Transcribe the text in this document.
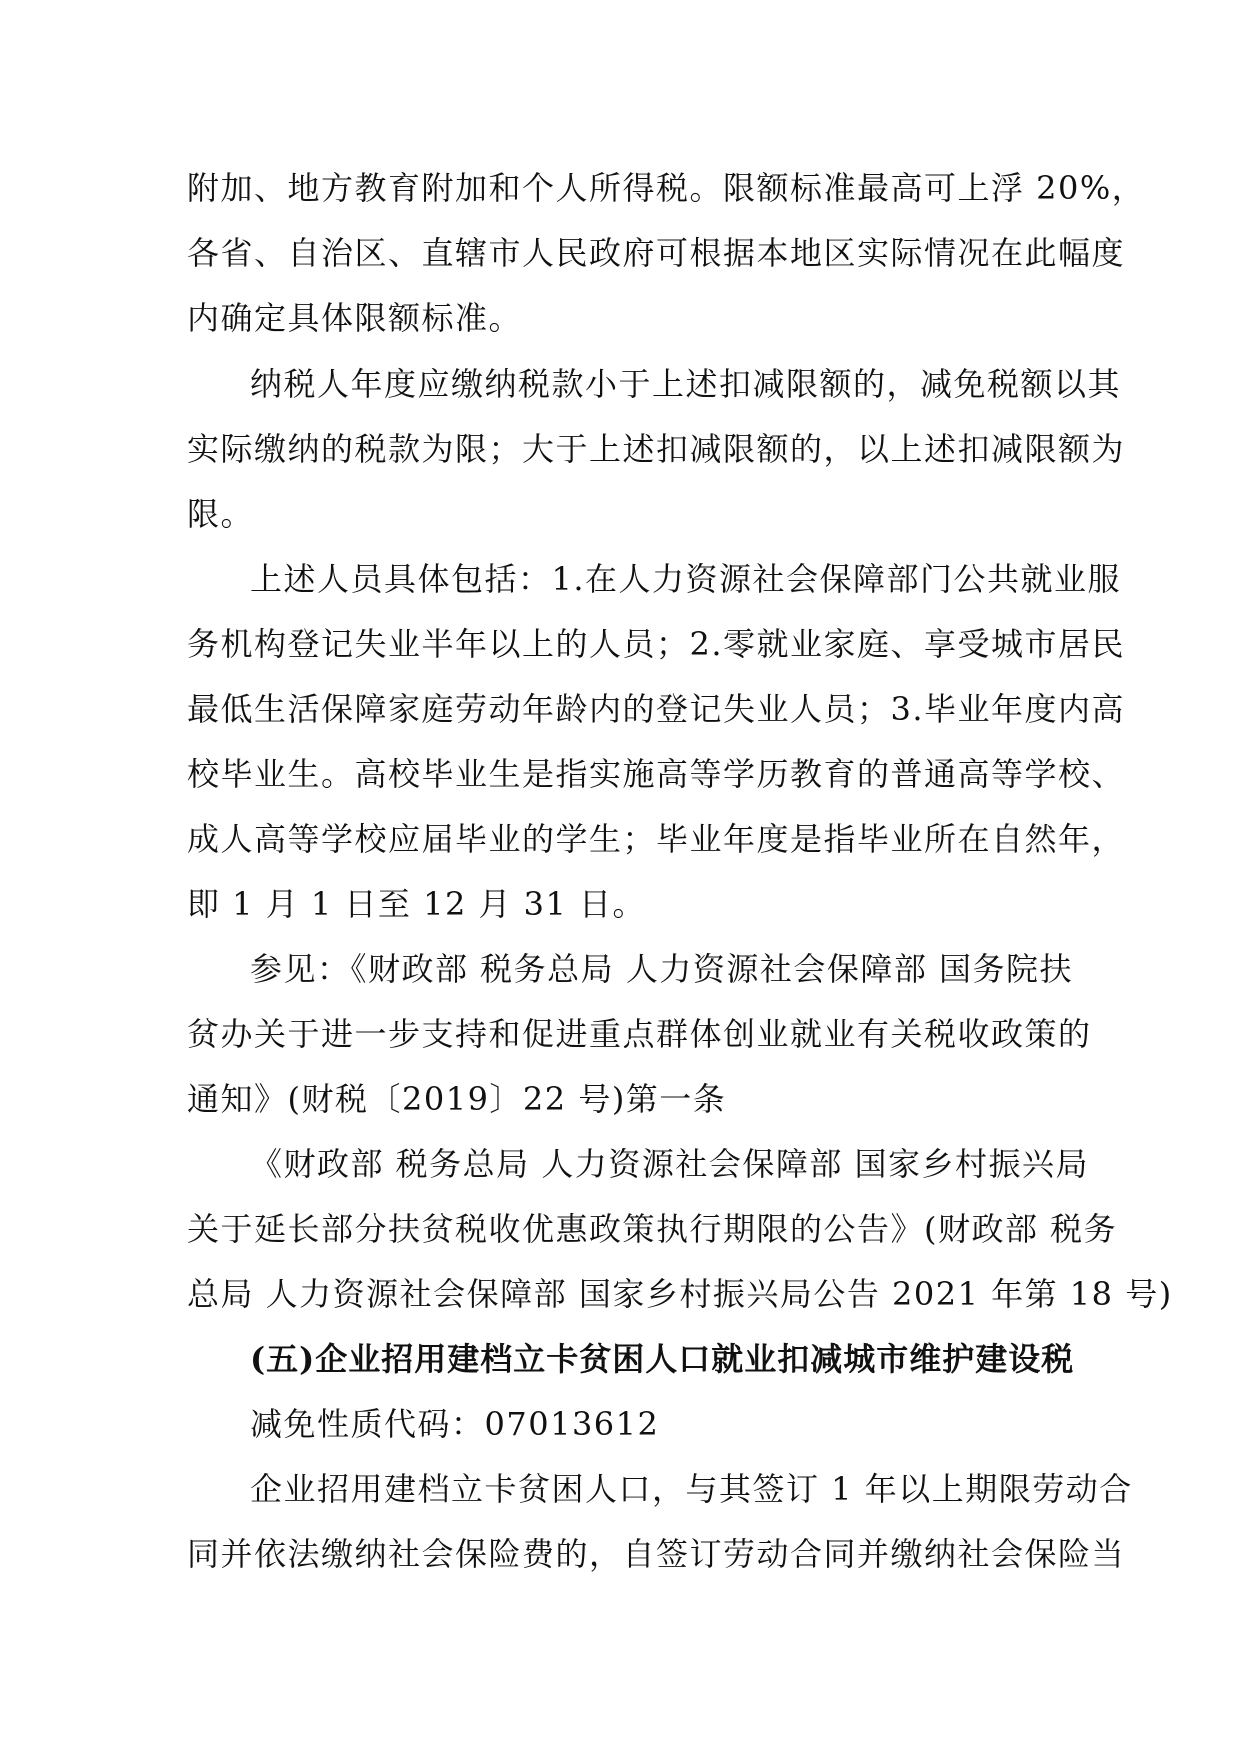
附加、地方教育附加和个人所得税。限额标准最高可上浮 20%，
各省、自治区、直辖市人民政府可根据本地区实际情况在此幅度
内确定具体限额标准。
纳税人年度应缴纳税款小于上述扣减限额的，减免税额以其
实际缴纳的税款为限；大于上述扣减限额的，以上述扣减限额为
限。
上述人员具体包括：1.在人力资源社会保障部门公共就业服
务机构登记失业半年以上的人员；2.零就业家庭、享受城市居民
最低生活保障家庭劳动年龄内的登记失业人员；3.毕业年度内高
校毕业生。高校毕业生是指实施高等学历教育的普通高等学校、
成人高等学校应届毕业的学生；毕业年度是指毕业所在自然年，
即 1 月 1 日至 12 月 31 日。
参见：《财政部 税务总局 人力资源社会保障部 国务院扶
贫办关于进一步支持和促进重点群体创业就业有关税收政策的
通知》(财税〔2019〕22 号)第一条
《财政部 税务总局 人力资源社会保障部 国家乡村振兴局
关于延长部分扶贫税收优惠政策执行期限的公告》(财政部 税务
总局 人力资源社会保障部 国家乡村振兴局公告 2021 年第 18 号)
(五)企业招用建档立卡贫困人口就业扣减城市维护建设税
减免性质代码：07013612
企业招用建档立卡贫困人口，与其签订 1 年以上期限劳动合
同并依法缴纳社会保险费的，自签订劳动合同并缴纳社会保险当
